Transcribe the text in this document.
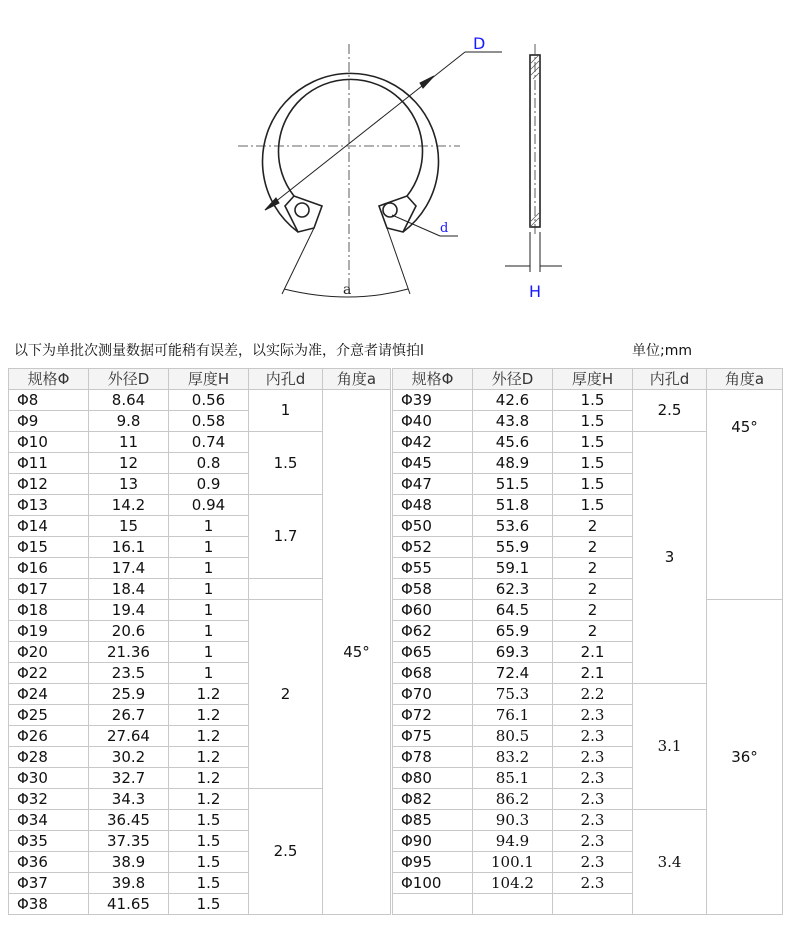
D
d
a	H
以下为单批次测量数据可能稍有误差，以实际为准，介意者请慎拍l	单位;mm
规格Φ	外径D	厚度H	内孔d	角度a
Φ8	8.64	0.56	1	45°
Φ9	9.8	0.58		
Φ10	11	0.74	1.5	
Φ11	12	0.8		
Φ12	13	0.9		
Φ13	14.2	0.94	1.7	
Φ14	15	1		
Φ15	16.1	1		
Φ16	17.4	1		
Φ17	18.4	1		
Φ18	19.4	1	2	
Φ19	20.6	1		
Φ20	21.36	1		
Φ22	23.5	1		
Φ24	25.9	1.2		
Φ25	26.7	1.2		
Φ26	27.64	1.2		
Φ28	30.2	1.2		
Φ30	32.7	1.2		
Φ32	34.3	1.2	2.5	
Φ34	36.45	1.5		
Φ35	37.35	1.5		
Φ36	38.9	1.5		
Φ37	39.8	1.5		
Φ38	41.65	1.5		
规格Φ	外径D	厚度H	内孔d	角度a
Φ39	42.6	1.5	2.5	45°
Φ40	43.8	1.5		
Φ42	45.6	1.5	3	
Φ45	48.9	1.5		
Φ47	51.5	1.5		
Φ48	51.8	1.5		
Φ50	53.6	2		
Φ52	55.9	2		
Φ55	59.1	2		
Φ58	62.3	2		
Φ60	64.5	2		36°
Φ62	65.9	2		
Φ65	69.3	2.1		
Φ68	72.4	2.1		
Φ70	75.3	2.2	3.1	
Φ72	76.1	2.3		
Φ75	80.5	2.3		
Φ78	83.2	2.3		
Φ80	85.1	2.3		
Φ82	86.2	2.3		
Φ85	90.3	2.3	3.4	
Φ90	94.9	2.3		
Φ95	100.1	2.3		
Φ100	104.2	2.3		
